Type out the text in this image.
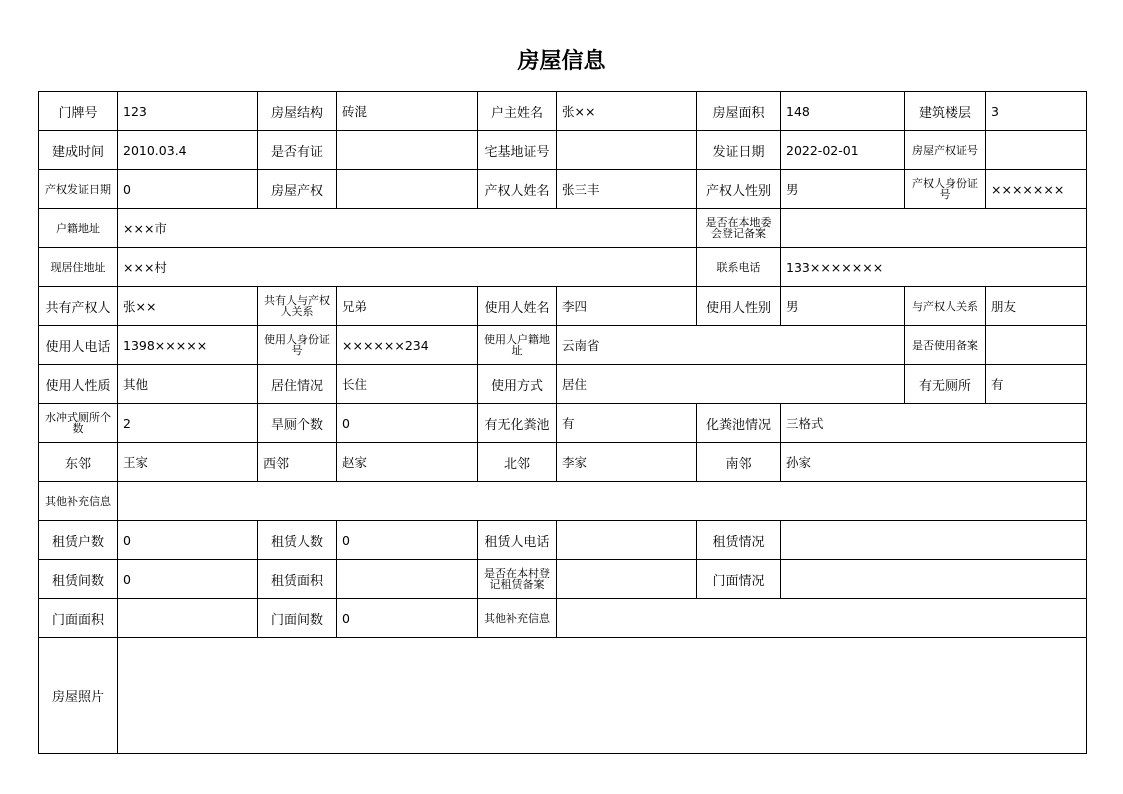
房屋信息
门牌号	123	房屋结构	砖混	户主姓名	张××	房屋面积	148	建筑楼层	3
建成时间	2010.03.4	是否有证		宅基地证号		发证日期	2022-02-01	房屋产权证号	
产权发证日期	0	房屋产权		产权人姓名	张三丰	产权人性别	男	产权人身份证号	×××××××
户籍地址	×××市					是否在本地委会登记备案			
现居住地址	×××村					联系电话	133×××××××		
共有产权人	张××	共有人与产权人关系	兄弟	使用人姓名	李四	使用人性别	男	与产权人关系	朋友
使用人电话	1398×××××	使用人身份证号	××××××234	使用人户籍地址	云南省			是否使用备案	
使用人性质	其他	居住情况	长住	使用方式	居住			有无厕所	有
水冲式厕所个数	2	旱厕个数	0	有无化粪池	有	化粪池情况	三格式		
东邻	王家	西邻	赵家	北邻	李家	南邻	孙家		
其他补充信息									
租赁户数	0	租赁人数	0	租赁人电话		租赁情况			
租赁间数	0	租赁面积		是否在本村登记租赁备案		门面情况			
门面面积		门面间数	0	其他补充信息					
房屋照片									
